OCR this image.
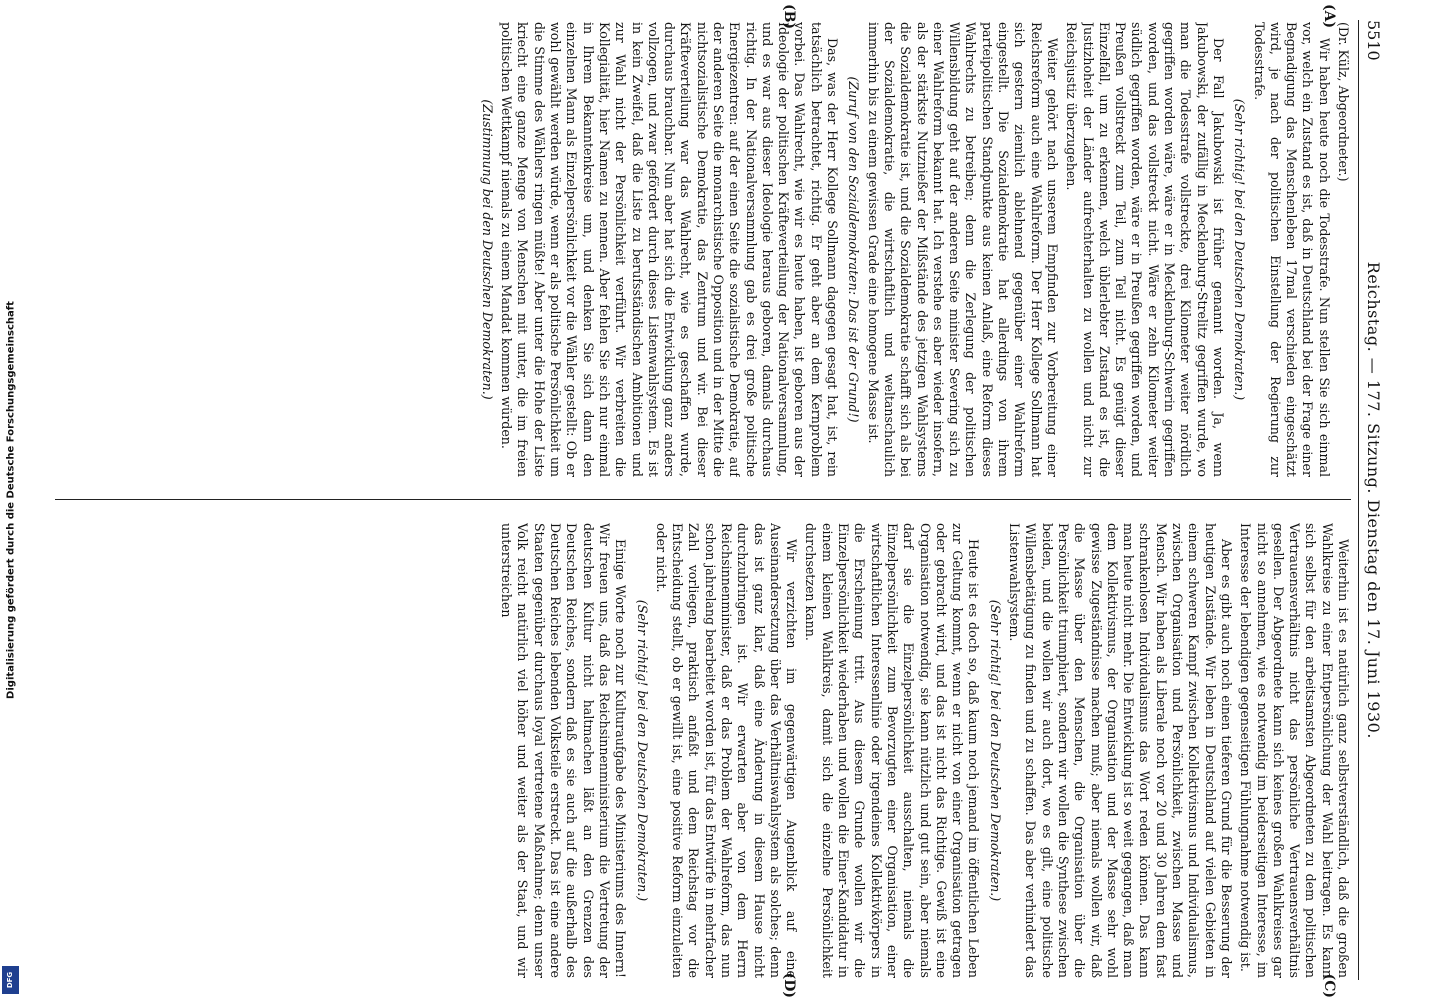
Digitalisierung gefördert durch die Deutsche Forschungsgemeinschaft
DFG
5510
Reichstag. — 177. Sitzung. Dienstag den 17. Juni 1930.
(A)
(B)
(C)
(D)

(Dr. Külz, Abgeordneter.)

Wir haben heute noch die Todesstrafe. Nun stellen Sie sich einmal vor, welch ein Zustand es ist, daß in Deutschland bei der Frage einer Begnadigung das Menschenleben 17mal verschieden eingeschätzt wird, je nach der politischen Einstellung der Regierung zur Todesstrafe.

(Sehr richtig! bei den Deutschen Demokraten.)

Der Fall Jakubowski ist früher genannt worden. Ja, wenn Jakubowski, der zufällig in Mecklenburg-Strelitz gegriffen wurde, wo man die Todesstrafe vollstreckte, drei Kilometer weiter nördlich gegriffen worden wäre, wäre er in Mecklenburg-Schwerin gegriffen worden, und das vollstreckt nicht. Wäre er zehn Kilometer weiter südlich gegriffen worden, wäre er in Preußen gegriffen worden, und Preußen vollstreckt zum Teil, zum Teil nicht. Es genügt dieser Einzelfall, um zu erkennen, welch üblerlebter Zustand es ist, die Justizhoheit der Länder aufrechterhalten zu wollen und nicht zur Reichsjustiz überzugehen.

Weiter gehört nach unserem Empfinden zur Vorbereitung einer Reichsreform auch eine Wahlreform. Der Herr Kollege Sollmann hat sich gestern ziemlich ablehnend gegenüber einer Wahlreform eingestellt. Die Sozialdemokratie hat allerdings von ihrem parteipolitischen Standpunkte aus keinen Anlaß, eine Reform dieses Wahlrechts zu betreiben; denn die Zerlegung der politischen Willensbildung geht auf der anderen Seite minister Severing sich zu einer Wahlreform bekannt hat. Ich verstehe es aber wieder insofern, als der stärkste Nutznießer der Mißstände des jetzigen Wahlsystems die Sozialdemokratie ist, und die Sozialdemokratie schafft sich als bei der Sozialdemokratie, die wirtschaftlich und weltanschaulich immerhin bis zu einem gewissen Grade eine homogene Masse ist.

(Zuruf von den Sozialdemokraten: Das ist der Grund!)

Das, was der Herr Kollege Sollmann dagegen gesagt hat, ist, rein tatsächlich betrachtet, richtig. Er geht aber an dem Kernproblem vorbei. Das Wahlrecht, wie wir es heute haben, ist geboren aus der Ideologie der politischen Kräfteverteilung der Nationalversammlung, und es war aus dieser Ideologie heraus geboren, damals durchaus richtig. In der Nationalversammlung gab es drei große politische Energiezentren: auf der einen Seite die sozialistische Demokratie, auf der anderen Seite die monarchistische Opposition und in der Mitte die nichtsozialistische Demokratie, das Zentrum und wir. Bei dieser Kräfteverteilung war das Wahlrecht, wie es geschaffen wurde, durchaus brauchbar. Nun aber hat sich die Entwicklung ganz anders vollzogen, und zwar gefördert durch dieses Listenwahlsystem. Es ist in kein Zweifel, daß die Liste zu berufsständischen Ambitionen und zur Wahl nicht der Persönlichkeit verführt. Wir verbreiten die Kollegialität, hier Namen zu nennen. Aber fehlen Sie sich nur einmal in Ihrem Bekanntenkreise um, und denken Sie sich dann den einzelnen Mann als Einzelpersönlichkeit vor die Wähler gestellt: Ob er wohl gewählt werden würde, wenn er als politische Persönlichkeit um die Stimme des Wählers ringen müßte! Aber unter die Hohe der Liste kriecht eine ganze Menge von Menschen mit unter, die im freien politischen Wettkampf niemals zu einem Mandat kommen würden.

(Zustimmung bei den Deutschen Demokraten.)

Weiterhin ist es natürlich ganz selbstverständlich, daß die großen Wahlkreise zu einer Entpersönlichung der Wahl beitragen. Es kann sich selbst für den arbeitsamsten Abgeordneten zu dem politischen Vertrauensverhältnis nicht das persönliche Vertrauensverhältnis gesellen. Der Abgeordnete kann sich keines großen Wahlkreises gar nicht so annehmen, wie es notwendig im beiderseitigen Interesse, im Interesse der lebendigen gegenseitigen Fühlungnahme notwendig ist.

Aber es gibt auch noch einen tieferen Grund für die Besserung der heutigen Zustände. Wir leben in Deutschland auf vielen Gebieten in einem schweren Kampf zwischen Kollektivismus und Individualismus, zwischen Organisation und Persönlichkeit, zwischen Masse und Mensch. Wir haben als Liberale noch vor 20 und 30 Jahren dem fast schrankenlosen Individualismus das Wort reden können. Das kann man heute nicht mehr. Die Entwicklung ist so weit gegangen, daß man dem Kollektivismus, der Organisation und der Masse sehr wohl gewisse Zugeständnisse machen muß; aber niemals wollen wir, daß die Masse über den Menschen, die Organisation über die Persönlichkeit triumphiert, sondern wir wollen die Synthese zwischen beiden, und die wollen wir auch dort, wo es gilt, eine politische Willensbetätigung zu finden und zu schaffen. Das aber verhindert das Listenwahlsystem.

(Sehr richtig! bei den Deutschen Demokraten.)

Heute ist es doch so, daß kaum noch jemand im öffentlichen Leben zur Geltung kommt, wenn er nicht von einer Organisation getragen oder gebracht wird, und das ist nicht das Richtige. Gewiß ist eine Organisation notwendig, sie kann nützlich und gut sein, aber niemals darf sie die Einzelpersönlichkeit ausschalten, niemals die Einzelpersönlichkeit zum Bevorzugten einer Organisation, einer wirtschaftlichen Interessenlinie oder irgendeines Kollektivkörpers in die Erscheinung tritt. Aus diesem Grunde wollen wir die Einzelpersönlichkeit wiederhaben und wollen die Einer-Kandidatur in einem kleinen Wahlkreis, damit sich die einzelne Persönlichkeit durchsetzen kann.

Wir verzichten im gegenwärtigen Augenblick auf eine Auseinandersetzung über das Verhältniswahlsystem als solches; denn das ist ganz klar, daß eine Änderung in diesem Hause nicht durchzubringen ist. Wir erwarten aber von dem Herrn Reichsinnenminister, daß er das Problem der Wahlreform, das nun schon jahrelang bearbeitet worden ist, für das Entwürfe in mehrfacher Zahl vorliegen, praktisch anfaßt und dem Reichstag vor die Entscheidung stellt, ob er gewillt ist, eine positive Reform einzuleiten oder nicht.

(Sehr richtig! bei den Deutschen Demokraten.)

Einige Worte noch zur Kulturaufgabe des Ministeriums des Innern! Wir freuen uns, daß das Reichsinnenministerium die Vertretung der deutschen Kultur nicht haltmachen läßt an den Grenzen des Deutschen Reiches, sondern daß es sie auch auf die außerhalb des Deutschen Reiches lebenden Volksteile erstreckt. Das ist eine andere Staaten gegenüber durchaus loyal vertretene Maßnahme; denn unser Volk reicht natürlich viel höher und weiter als der Staat, und wir unterstreichen
